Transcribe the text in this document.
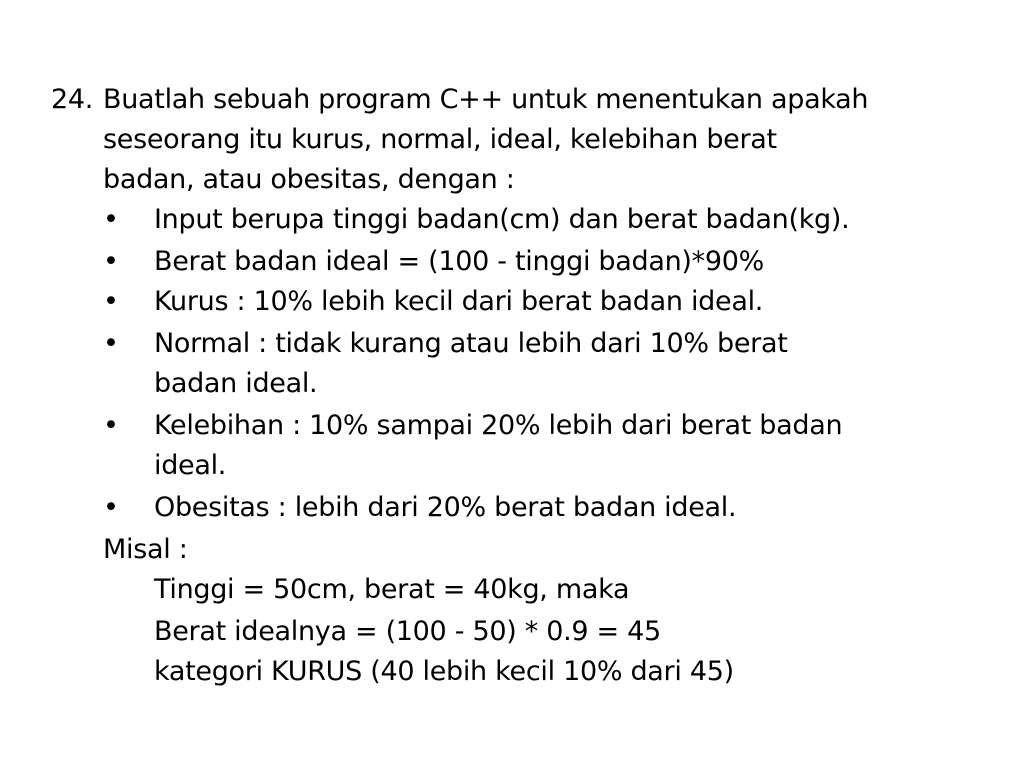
24. Buatlah sebuah program C++ untuk menentukan apakah
seseorang itu kurus, normal, ideal, kelebihan berat
badan, atau obesitas, dengan :
• Input berupa tinggi badan(cm) dan berat badan(kg).
• Berat badan ideal = (100 - tinggi badan)*90%
• Kurus : 10% lebih kecil dari berat badan ideal.
• Normal : tidak kurang atau lebih dari 10% berat
badan ideal.
• Kelebihan : 10% sampai 20% lebih dari berat badan
ideal.
• Obesitas : lebih dari 20% berat badan ideal.
Misal :
Tinggi = 50cm, berat = 40kg, maka
Berat idealnya = (100 - 50) * 0.9 = 45
kategori KURUS (40 lebih kecil 10% dari 45)
